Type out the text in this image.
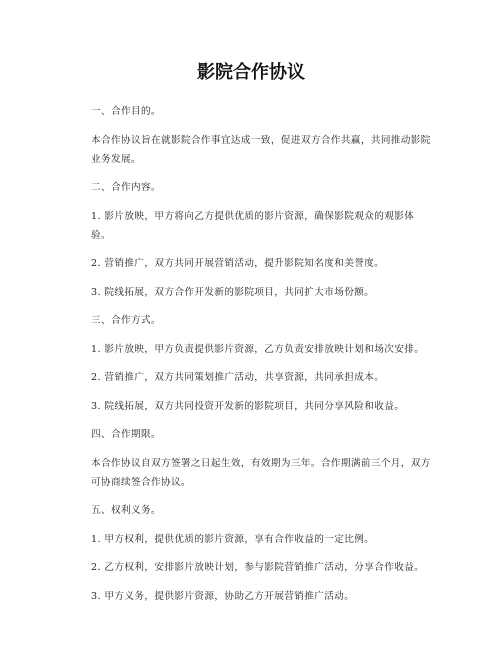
影院合作协议

一、合作目的。

本合作协议旨在就影院合作事宜达成一致，促进双方合作共赢，共同推动影院业务发展。

二、合作内容。

1. 影片放映，甲方将向乙方提供优质的影片资源，确保影院观众的观影体验。

2. 营销推广，双方共同开展营销活动，提升影院知名度和美誉度。

3. 院线拓展，双方合作开发新的影院项目，共同扩大市场份额。

三、合作方式。

1. 影片放映，甲方负责提供影片资源，乙方负责安排放映计划和场次安排。

2. 营销推广，双方共同策划推广活动，共享资源，共同承担成本。

3. 院线拓展，双方共同投资开发新的影院项目，共同分享风险和收益。

四、合作期限。

本合作协议自双方签署之日起生效，有效期为三年。合作期满前三个月，双方可协商续签合作协议。

五、权利义务。

1. 甲方权利，提供优质的影片资源，享有合作收益的一定比例。

2. 乙方权利，安排影片放映计划，参与影院营销推广活动，分享合作收益。

3. 甲方义务，提供影片资源，协助乙方开展营销推广活动。
